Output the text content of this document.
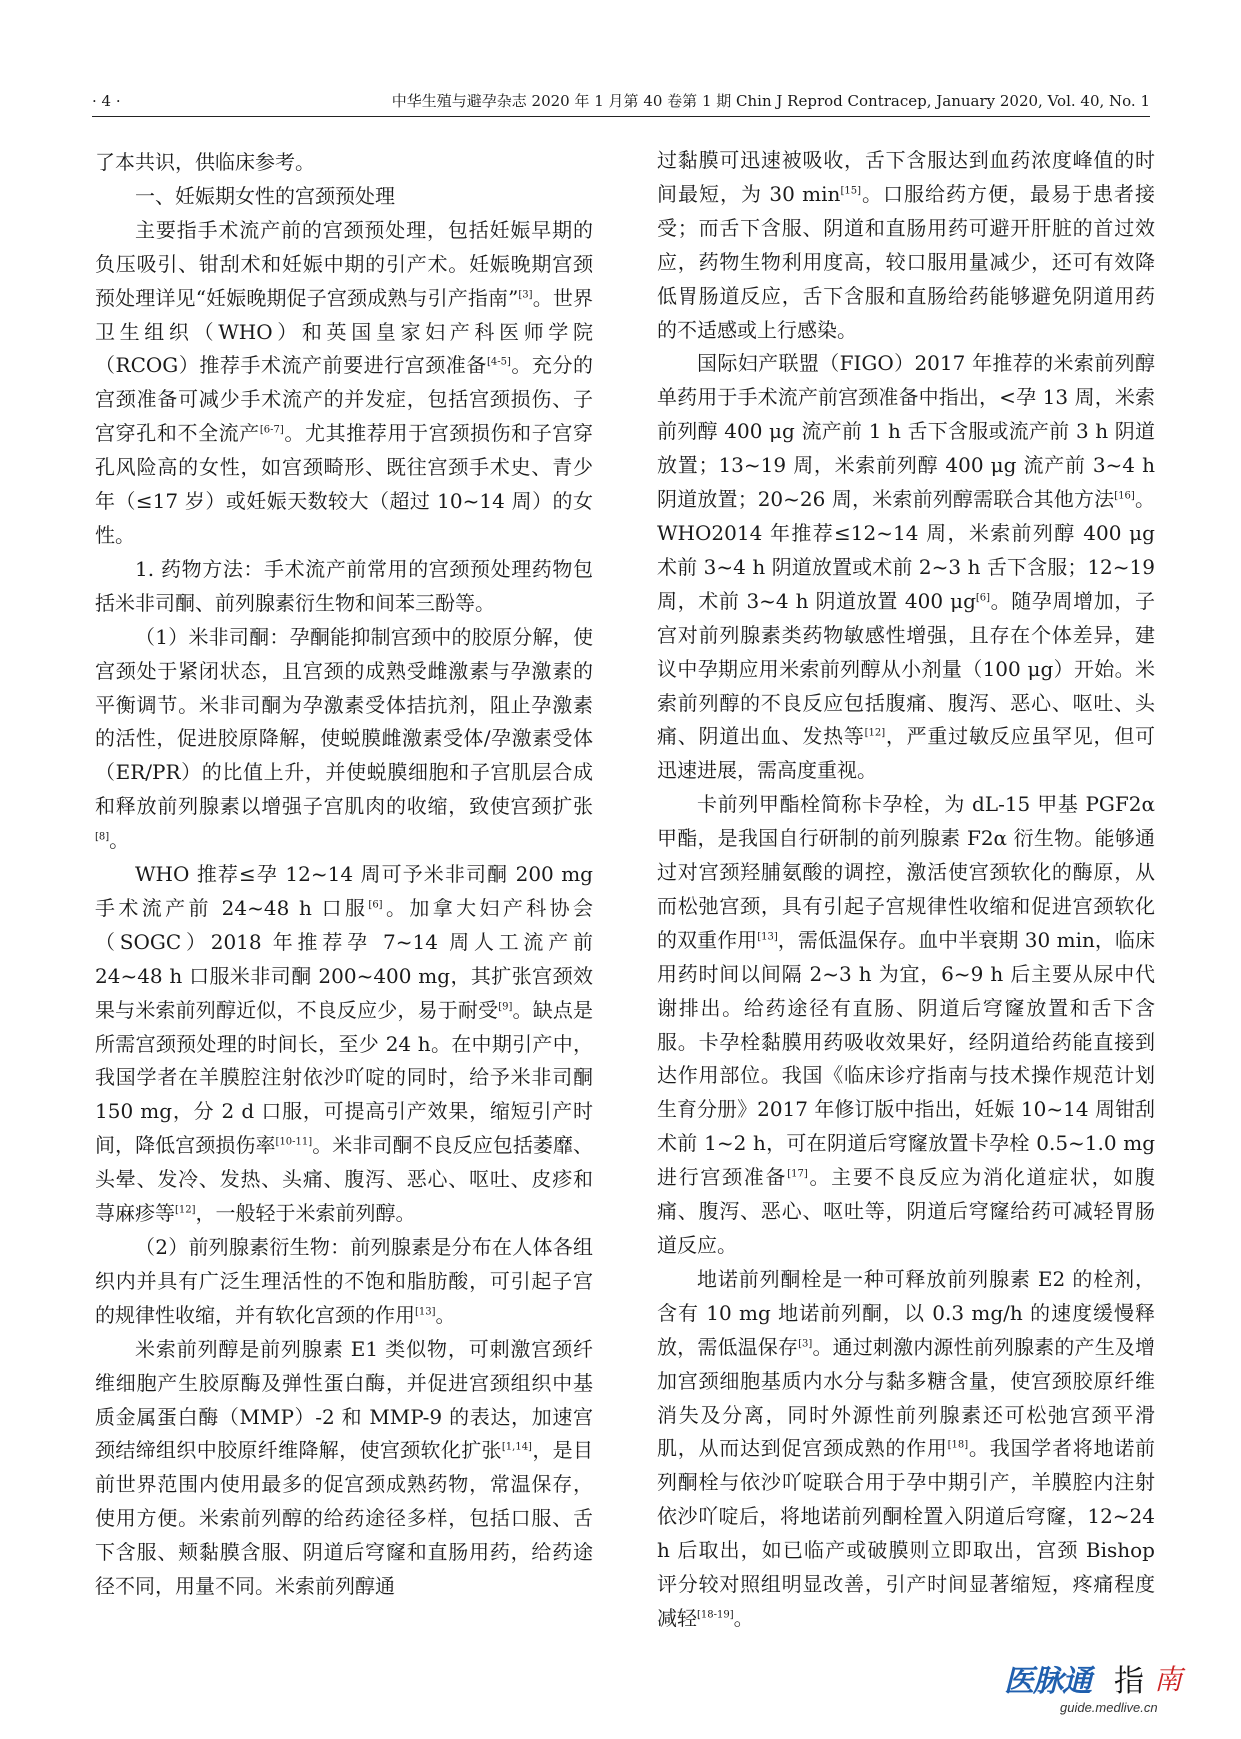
· 4 ·	中华生殖与避孕杂志 2020 年 1 月第 40 卷第 1 期 Chin J Reprod Contracep, January 2020, Vol. 40, No. 1

了本共识，供临床参考。

一、妊娠期女性的宫颈预处理

主要指手术流产前的宫颈预处理，包括妊娠早期的负压吸引、钳刮术和妊娠中期的引产术。妊娠晚期宫颈预处理详见“妊娠晚期促子宫颈成熟与引产指南”[3]。世界卫生组织（WHO）和英国皇家妇产科医师学院（RCOG）推荐手术流产前要进行宫颈准备[4-5]。充分的宫颈准备可减少手术流产的并发症，包括宫颈损伤、子宫穿孔和不全流产[6-7]。尤其推荐用于宫颈损伤和子宫穿孔风险高的女性，如宫颈畸形、既往宫颈手术史、青少年（≤17 岁）或妊娠天数较大（超过 10~14 周）的女性。

1. 药物方法：手术流产前常用的宫颈预处理药物包括米非司酮、前列腺素衍生物和间苯三酚等。

（1）米非司酮：孕酮能抑制宫颈中的胶原分解，使宫颈处于紧闭状态，且宫颈的成熟受雌激素与孕激素的平衡调节。米非司酮为孕激素受体拮抗剂，阻止孕激素的活性，促进胶原降解，使蜕膜雌激素受体/孕激素受体（ER/PR）的比值上升，并使蜕膜细胞和子宫肌层合成和释放前列腺素以增强子宫肌肉的收缩，致使宫颈扩张[8]。

WHO 推荐≤孕 12~14 周可予米非司酮 200 mg 手术流产前 24~48 h 口服[6]。加拿大妇产科协会（SOGC）2018 年推荐孕 7~14 周人工流产前 24~48 h 口服米非司酮 200~400 mg，其扩张宫颈效果与米索前列醇近似，不良反应少，易于耐受[9]。缺点是所需宫颈预处理的时间长，至少 24 h。在中期引产中，我国学者在羊膜腔注射依沙吖啶的同时，给予米非司酮 150 mg，分 2 d 口服，可提高引产效果，缩短引产时间，降低宫颈损伤率[10-11]。米非司酮不良反应包括萎靡、头晕、发冷、发热、头痛、腹泻、恶心、呕吐、皮疹和荨麻疹等[12]，一般轻于米索前列醇。

（2）前列腺素衍生物：前列腺素是分布在人体各组织内并具有广泛生理活性的不饱和脂肪酸，可引起子宫的规律性收缩，并有软化宫颈的作用[13]。

米索前列醇是前列腺素 E1 类似物，可刺激宫颈纤维细胞产生胶原酶及弹性蛋白酶，并促进宫颈组织中基质金属蛋白酶（MMP）-2 和 MMP-9 的表达，加速宫颈结缔组织中胶原纤维降解，使宫颈软化扩张[1,14]，是目前世界范围内使用最多的促宫颈成熟药物，常温保存，使用方便。米索前列醇的给药途径多样，包括口服、舌下含服、颊黏膜含服、阴道后穹窿和直肠用药，给药途径不同，用量不同。米索前列醇通

过黏膜可迅速被吸收，舌下含服达到血药浓度峰值的时间最短，为 30 min[15]。口服给药方便，最易于患者接受；而舌下含服、阴道和直肠用药可避开肝脏的首过效应，药物生物利用度高，较口服用量减少，还可有效降低胃肠道反应，舌下含服和直肠给药能够避免阴道用药的不适感或上行感染。

国际妇产联盟（FIGO）2017 年推荐的米索前列醇单药用于手术流产前宫颈准备中指出，<孕 13 周，米索前列醇 400 μg 流产前 1 h 舌下含服或流产前 3 h 阴道放置；13~19 周，米索前列醇 400 μg 流产前 3~4 h 阴道放置；20~26 周，米索前列醇需联合其他方法[16]。WHO2014 年推荐≤12~14 周，米索前列醇 400 μg 术前 3~4 h 阴道放置或术前 2~3 h 舌下含服；12~19 周，术前 3~4 h 阴道放置 400 μg[6]。随孕周增加，子宫对前列腺素类药物敏感性增强，且存在个体差异，建议中孕期应用米索前列醇从小剂量（100 μg）开始。米索前列醇的不良反应包括腹痛、腹泻、恶心、呕吐、头痛、阴道出血、发热等[12]，严重过敏反应虽罕见，但可迅速进展，需高度重视。

卡前列甲酯栓简称卡孕栓，为 dL-15 甲基 PGF2α 甲酯，是我国自行研制的前列腺素 F2α 衍生物。能够通过对宫颈羟脯氨酸的调控，激活使宫颈软化的酶原，从而松弛宫颈，具有引起子宫规律性收缩和促进宫颈软化的双重作用[13]，需低温保存。血中半衰期 30 min，临床用药时间以间隔 2~3 h 为宜，6~9 h 后主要从尿中代谢排出。给药途径有直肠、阴道后穹窿放置和舌下含服。卡孕栓黏膜用药吸收效果好，经阴道给药能直接到达作用部位。我国《临床诊疗指南与技术操作规范计划生育分册》2017 年修订版中指出，妊娠 10~14 周钳刮术前 1~2 h，可在阴道后穹窿放置卡孕栓 0.5~1.0 mg 进行宫颈准备[17]。主要不良反应为消化道症状，如腹痛、腹泻、恶心、呕吐等，阴道后穹窿给药可减轻胃肠道反应。

地诺前列酮栓是一种可释放前列腺素 E2 的栓剂，含有 10 mg 地诺前列酮，以 0.3 mg/h 的速度缓慢释放，需低温保存[3]。通过刺激内源性前列腺素的产生及增加宫颈细胞基质内水分与黏多糖含量，使宫颈胶原纤维消失及分离，同时外源性前列腺素还可松弛宫颈平滑肌，从而达到促宫颈成熟的作用[18]。我国学者将地诺前列酮栓与依沙吖啶联合用于孕中期引产，羊膜腔内注射依沙吖啶后，将地诺前列酮栓置入阴道后穹窿，12~24 h 后取出，如已临产或破膜则立即取出，宫颈 Bishop 评分较对照组明显改善，引产时间显著缩短，疼痛程度减轻[18-19]。

医脉通 指 南
guide.medlive.cn
